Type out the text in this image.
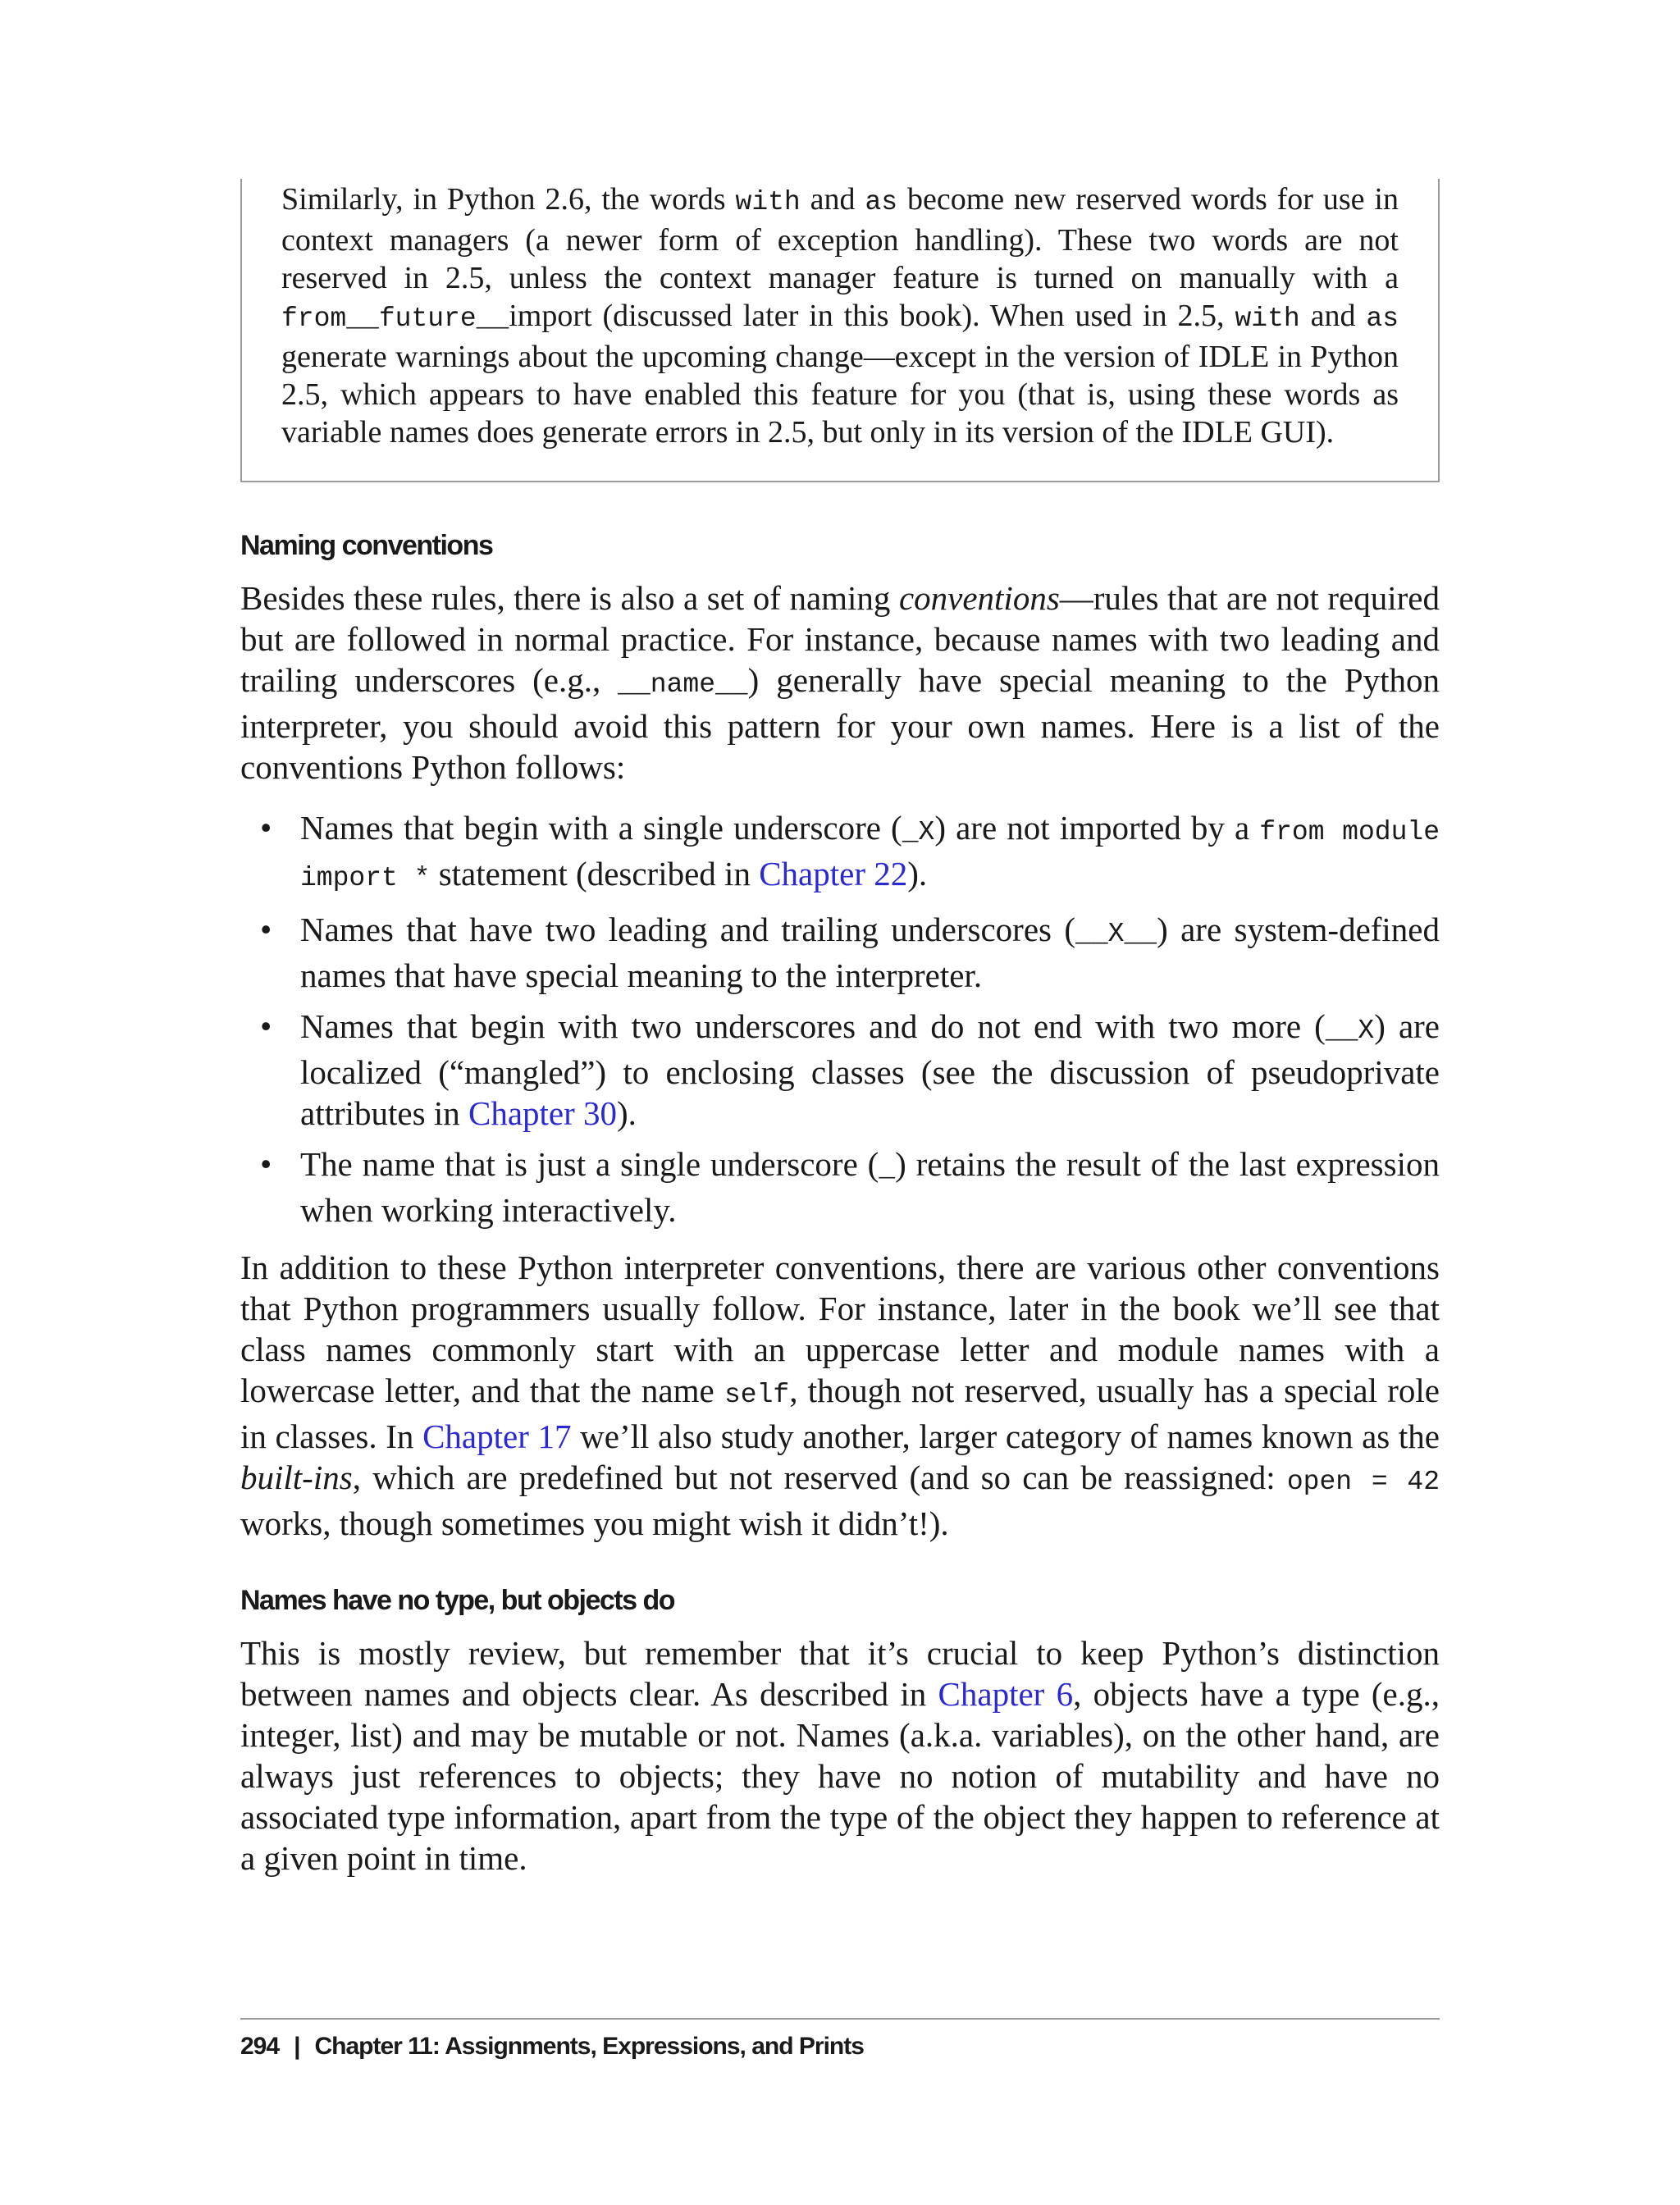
Similarly, in Python 2.6, the words with and as become new reserved words for use in context managers (a newer form of exception handling). These two words are not reserved in 2.5, unless the context manager feature is turned on manually with a from__future__import (discussed later in this book). When used in 2.5, with and as generate warnings about the upcoming change—except in the version of IDLE in Python 2.5, which appears to have enabled this feature for you (that is, using these words as variable names does generate errors in 2.5, but only in its version of the IDLE GUI).

Naming conventions

Besides these rules, there is also a set of naming conventions—rules that are not required but are followed in normal practice. For instance, because names with two leading and trailing underscores (e.g., __name__) generally have special meaning to the Python interpreter, you should avoid this pattern for your own names. Here is a list of the conventions Python follows:

• Names that begin with a single underscore (_X) are not imported by a from module import * statement (described in Chapter 22).
• Names that have two leading and trailing underscores (__X__) are system-defined names that have special meaning to the interpreter.
• Names that begin with two underscores and do not end with two more (__X) are localized (“mangled”) to enclosing classes (see the discussion of pseudoprivate attributes in Chapter 30).
• The name that is just a single underscore (_) retains the result of the last expression when working interactively.

In addition to these Python interpreter conventions, there are various other conventions that Python programmers usually follow. For instance, later in the book we’ll see that class names commonly start with an uppercase letter and module names with a lowercase letter, and that the name self, though not reserved, usually has a special role in classes. In Chapter 17 we’ll also study another, larger category of names known as the built-ins, which are predefined but not reserved (and so can be reassigned: open = 42 works, though sometimes you might wish it didn’t!).

Names have no type, but objects do

This is mostly review, but remember that it’s crucial to keep Python’s distinction between names and objects clear. As described in Chapter 6, objects have a type (e.g., integer, list) and may be mutable or not. Names (a.k.a. variables), on the other hand, are always just references to objects; they have no notion of mutability and have no associated type information, apart from the type of the object they happen to reference at a given point in time.

294 | Chapter 11: Assignments, Expressions, and Prints
